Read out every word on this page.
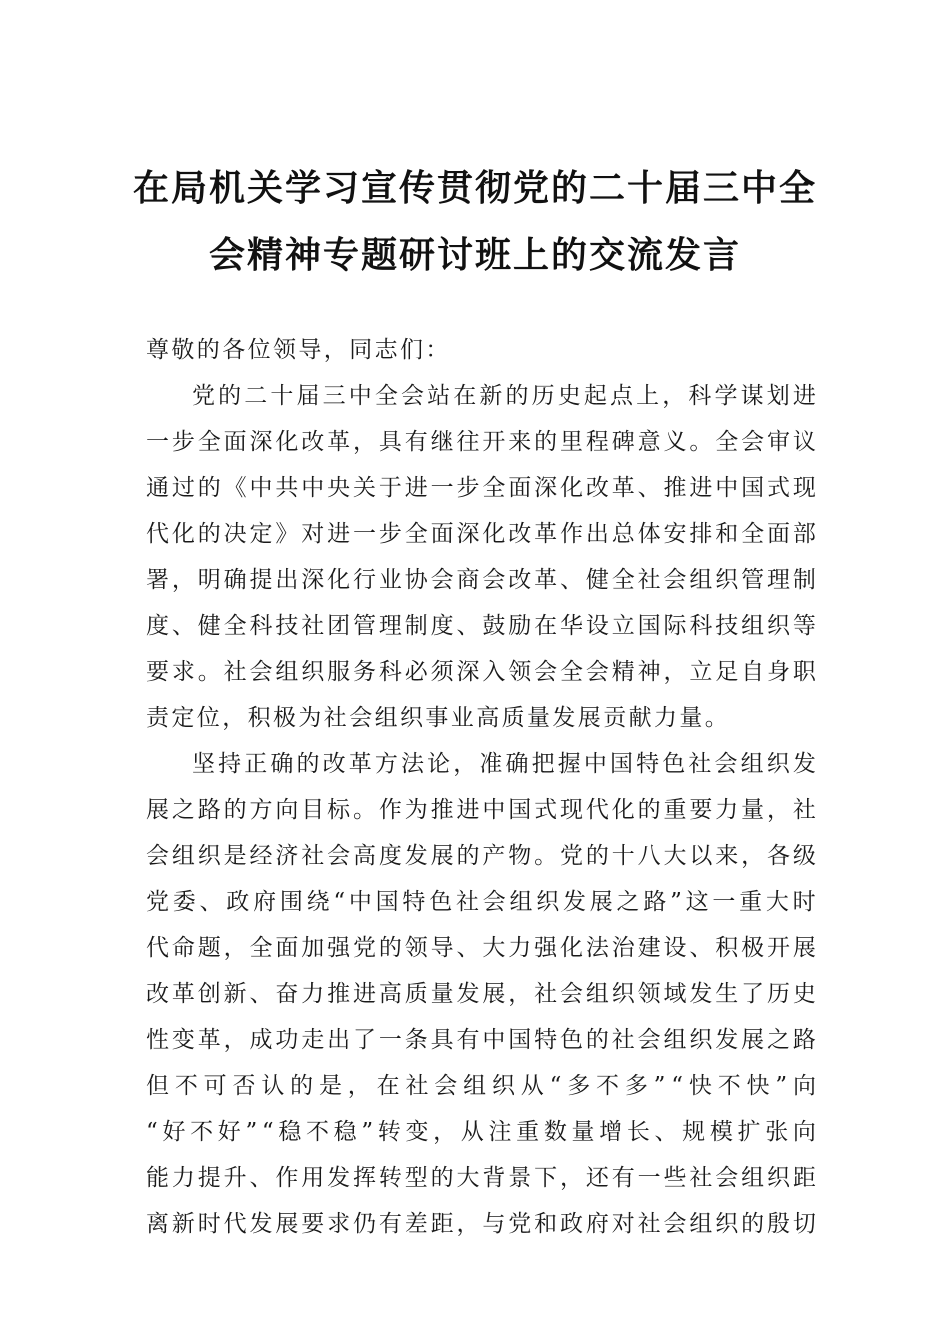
在局机关学习宣传贯彻党的二十届三中全
会精神专题研讨班上的交流发言
尊敬的各位领导，同志们：
党 的 二 十 届 三 中 全 会 站 在 新 的 历 史 起 点 上 ， 科 学 谋 划 进
一 步 全 面 深 化 改 革 ， 具 有 继 往 开 来 的 里 程 碑 意 义 。 全 会 审 议
通 过 的 《 中 共 中 央 关 于 进 一 步 全 面 深 化 改 革 、 推 进 中 国 式 现
代 化 的 决 定 》 对 进 一 步 全 面 深 化 改 革 作 出 总 体 安 排 和 全 面 部
署 ， 明 确 提 出 深 化 行 业 协 会 商 会 改 革 、 健 全 社 会 组 织 管 理 制
度 、 健 全 科 技 社 团 管 理 制 度 、 鼓 励 在 华 设 立 国 际 科 技 组 织 等
要 求 。 社 会 组 织 服 务 科 必 须 深 入 领 会 全 会 精 神 ， 立 足 自 身 职
责定位，积极为社会组织事业高质量发展贡献力量。
坚 持 正 确 的 改 革 方 法 论 ， 准 确 把 握 中 国 特 色 社 会 组 织 发
展 之 路 的 方 向 目 标 。 作 为 推 进 中 国 式 现 代 化 的 重 要 力 量 ， 社
会 组 织 是 经 济 社 会 高 度 发 展 的 产 物 。 党 的 十 八 大 以 来 ， 各 级
党 委 、 政 府 围 绕 “ 中 国 特 色 社 会 组 织 发 展 之 路 ” 这 一 重 大 时
代 命 题 ， 全 面 加 强 党 的 领 导 、 大 力 强 化 法 治 建 设 、 积 极 开 展
改 革 创 新 、 奋 力 推 进 高 质 量 发 展 ， 社 会 组 织 领 域 发 生 了 历 史
性 变 革 ， 成 功 走 出 了 一 条 具 有 中 国 特 色 的 社 会 组 织 发 展 之 路
但 不 可 否 认 的 是 ， 在 社 会 组 织 从 “ 多 不 多 ” “ 快 不 快 ” 向
“ 好 不 好 ” “ 稳 不 稳 ” 转 变 ， 从 注 重 数 量 增 长 、 规 模 扩 张 向
能 力 提 升 、 作 用 发 挥 转 型 的 大 背 景 下 ， 还 有 一 些 社 会 组 织 距
离 新 时 代 发 展 要 求 仍 有 差 距 ， 与 党 和 政 府 对 社 会 组 织 的 殷 切
